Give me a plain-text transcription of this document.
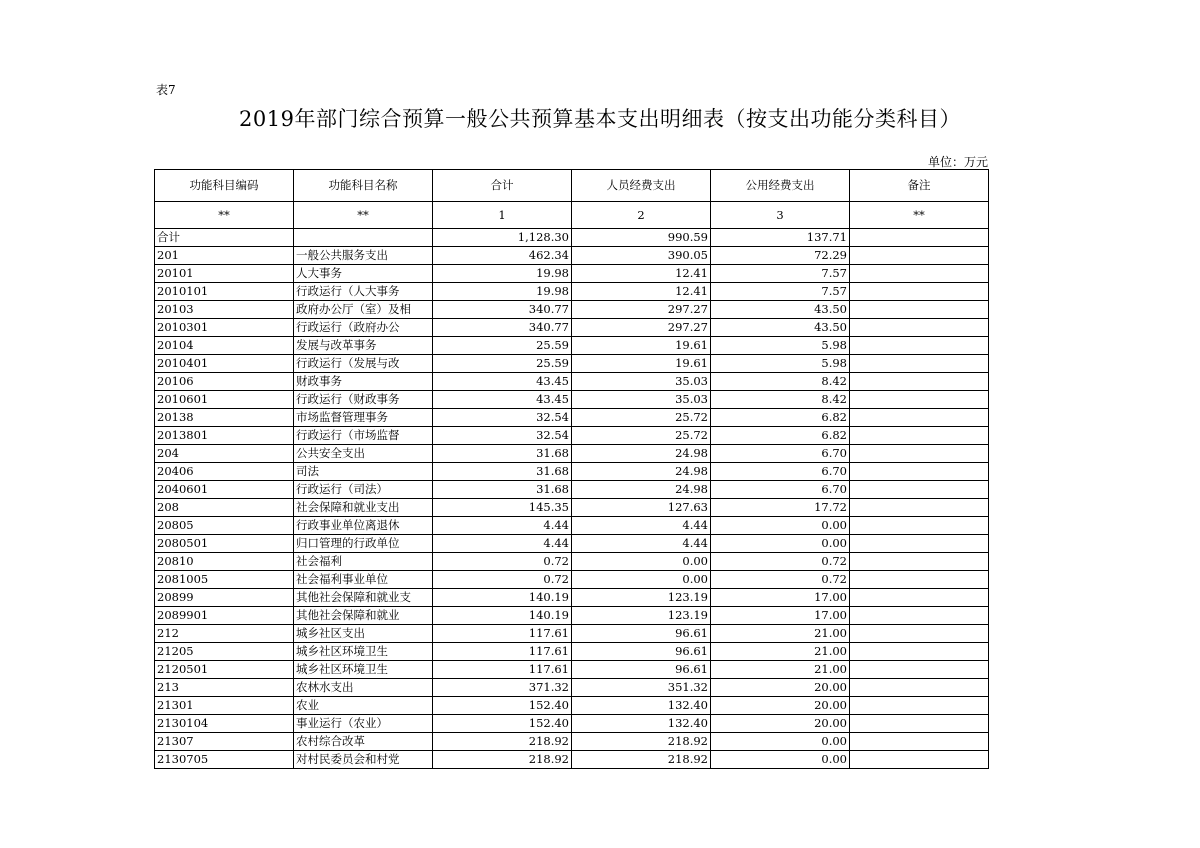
表7
2019年部门综合预算一般公共预算基本支出明细表（按支出功能分类科目）
单位：万元
功能科目编码	功能科目名称	合计	人员经费支出	公用经费支出	备注
**	**	1	2	3	**
合计		1,128.30	990.59	137.71	
201	一般公共服务支出	462.34	390.05	72.29	
20101	人大事务	19.98	12.41	7.57	
2010101	行政运行（人大事务	19.98	12.41	7.57	
20103	政府办公厅（室）及相	340.77	297.27	43.50	
2010301	行政运行（政府办公	340.77	297.27	43.50	
20104	发展与改革事务	25.59	19.61	5.98	
2010401	行政运行（发展与改	25.59	19.61	5.98	
20106	财政事务	43.45	35.03	8.42	
2010601	行政运行（财政事务	43.45	35.03	8.42	
20138	市场监督管理事务	32.54	25.72	6.82	
2013801	行政运行（市场监督	32.54	25.72	6.82	
204	公共安全支出	31.68	24.98	6.70	
20406	司法	31.68	24.98	6.70	
2040601	行政运行（司法）	31.68	24.98	6.70	
208	社会保障和就业支出	145.35	127.63	17.72	
20805	行政事业单位离退休	4.44	4.44	0.00	
2080501	归口管理的行政单位	4.44	4.44	0.00	
20810	社会福利	0.72	0.00	0.72	
2081005	社会福利事业单位	0.72	0.00	0.72	
20899	其他社会保障和就业支	140.19	123.19	17.00	
2089901	其他社会保障和就业	140.19	123.19	17.00	
212	城乡社区支出	117.61	96.61	21.00	
21205	城乡社区环境卫生	117.61	96.61	21.00	
2120501	城乡社区环境卫生	117.61	96.61	21.00	
213	农林水支出	371.32	351.32	20.00	
21301	农业	152.40	132.40	20.00	
2130104	事业运行（农业）	152.40	132.40	20.00	
21307	农村综合改革	218.92	218.92	0.00	
2130705	对村民委员会和村党	218.92	218.92	0.00	
